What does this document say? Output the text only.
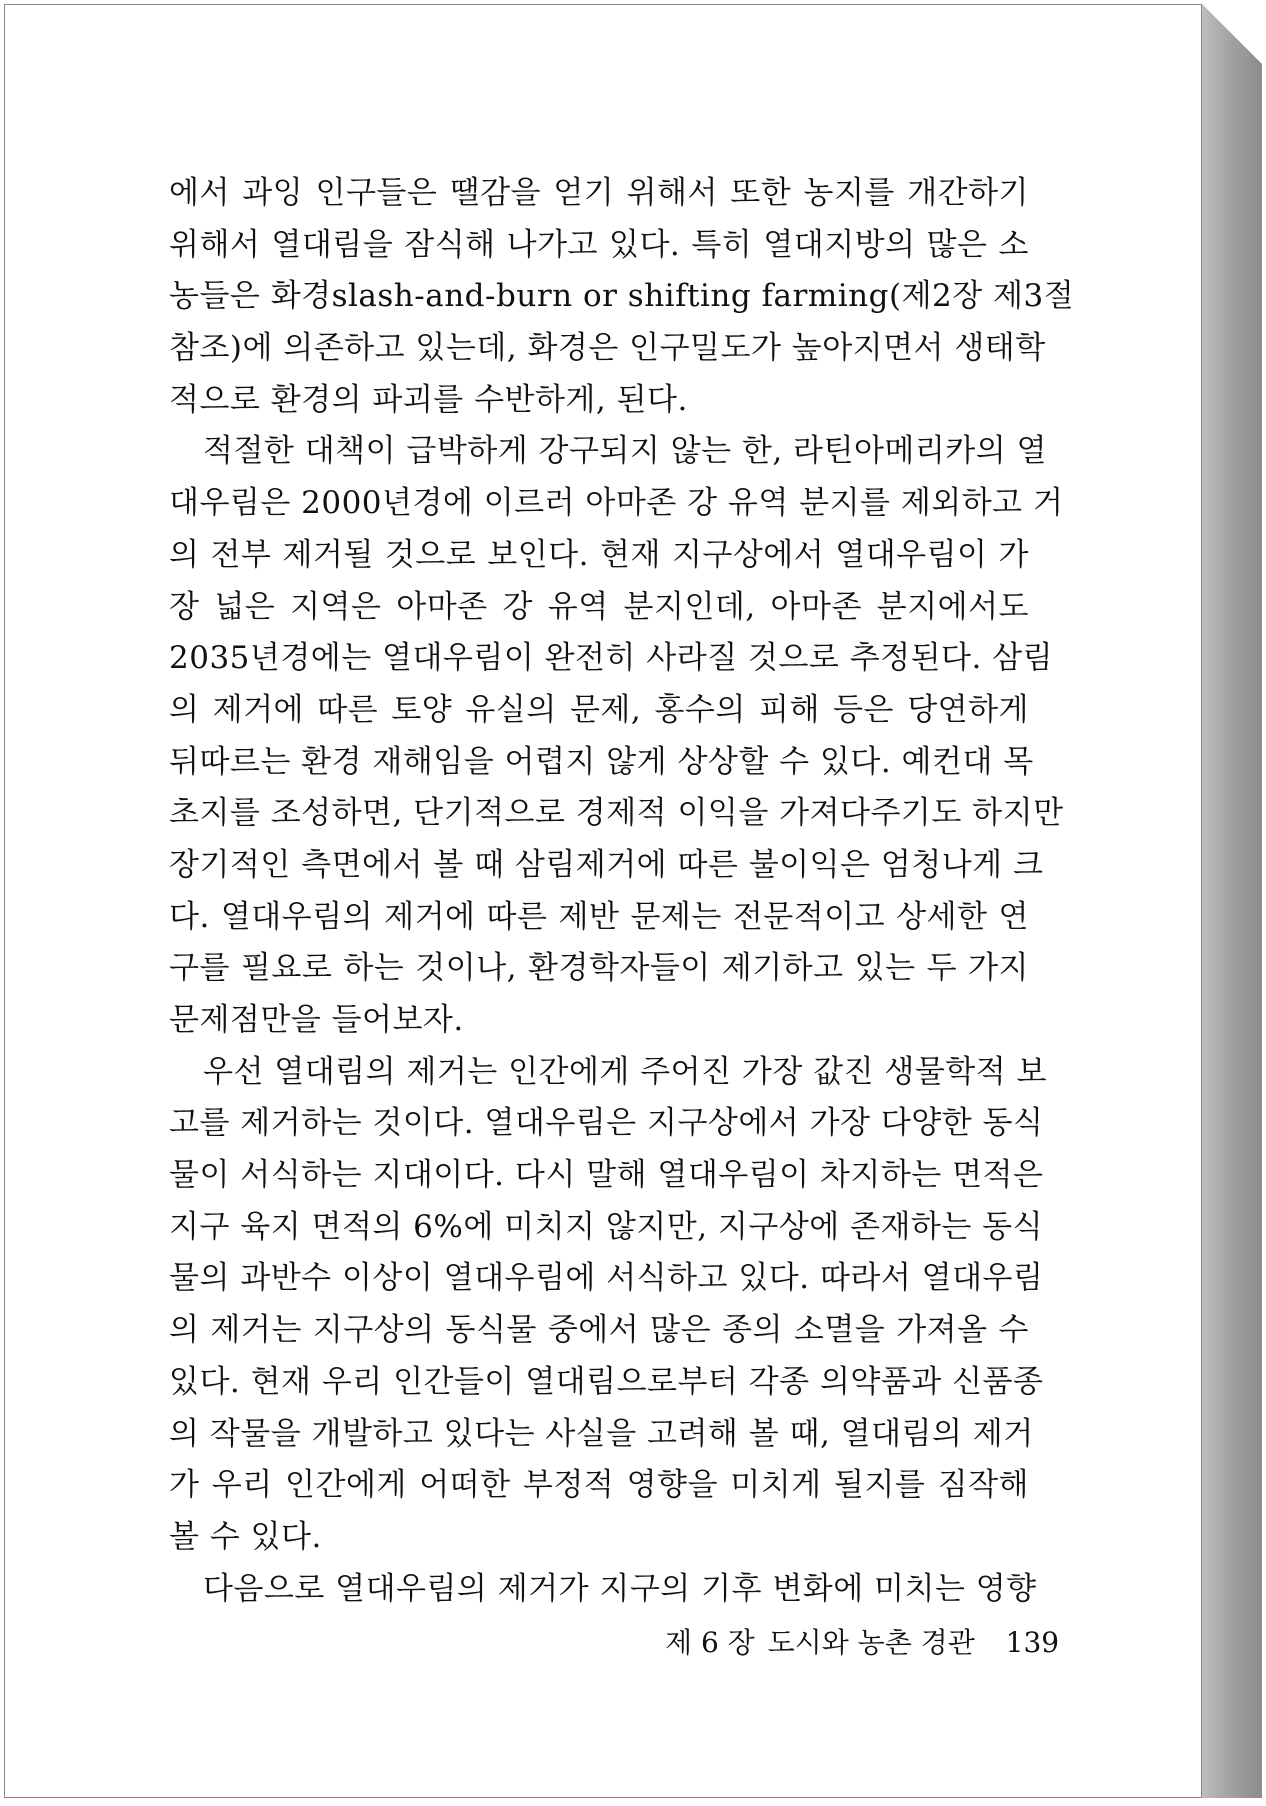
에서 과잉 인구들은 땔감을 얻기 위해서 또한 농지를 개간하기
위해서 열대림을 잠식해 나가고 있다. 특히 열대지방의 많은 소
농들은 화경slash-and-burn or shifting farming(제2장 제3절
참조)에 의존하고 있는데, 화경은 인구밀도가 높아지면서 생태학
적으로 환경의 파괴를 수반하게, 된다.
적절한 대책이 급박하게 강구되지 않는 한, 라틴아메리카의 열
대우림은 2000년경에 이르러 아마존 강 유역 분지를 제외하고 거
의 전부 제거될 것으로 보인다. 현재 지구상에서 열대우림이 가
장 넓은 지역은 아마존 강 유역 분지인데, 아마존 분지에서도
2035년경에는 열대우림이 완전히 사라질 것으로 추정된다. 삼림
의 제거에 따른 토양 유실의 문제, 홍수의 피해 등은 당연하게
뒤따르는 환경 재해임을 어렵지 않게 상상할 수 있다. 예컨대 목
초지를 조성하면, 단기적으로 경제적 이익을 가져다주기도 하지만
장기적인 측면에서 볼 때 삼림제거에 따른 불이익은 엄청나게 크
다. 열대우림의 제거에 따른 제반 문제는 전문적이고 상세한 연
구를 필요로 하는 것이나, 환경학자들이 제기하고 있는 두 가지
문제점만을 들어보자.
우선 열대림의 제거는 인간에게 주어진 가장 값진 생물학적 보
고를 제거하는 것이다. 열대우림은 지구상에서 가장 다양한 동식
물이 서식하는 지대이다. 다시 말해 열대우림이 차지하는 면적은
지구 육지 면적의 6%에 미치지 않지만, 지구상에 존재하는 동식
물의 과반수 이상이 열대우림에 서식하고 있다. 따라서 열대우림
의 제거는 지구상의 동식물 중에서 많은 종의 소멸을 가져올 수
있다. 현재 우리 인간들이 열대림으로부터 각종 의약품과 신품종
의 작물을 개발하고 있다는 사실을 고려해 볼 때, 열대림의 제거
가 우리 인간에게 어떠한 부정적 영향을 미치게 될지를 짐작해
볼 수 있다.
다음으로 열대우림의 제거가 지구의 기후 변화에 미치는 영향
제 6 장 도시와 농촌 경관 139
